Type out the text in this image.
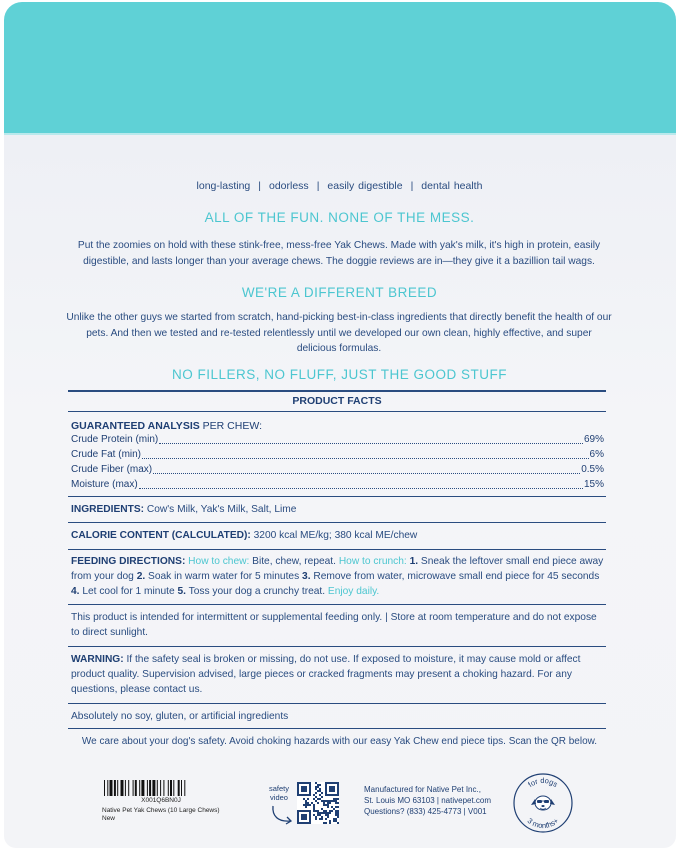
long-lasting | odorless | easily digestible | dental health
ALL OF THE FUN. NONE OF THE MESS.
Put the zoomies on hold with these stink-free, mess-free Yak Chews. Made with yak's milk, it's high in protein, easily digestible, and lasts longer than your average chews. The doggie reviews are in—they give it a bazillion tail wags.
WE'RE A DIFFERENT BREED
Unlike the other guys we started from scratch, hand-picking best-in-class ingredients that directly benefit the health of our pets. And then we tested and re-tested relentlessly until we developed our own clean, highly effective, and super delicious formulas.
NO FILLERS, NO FLUFF, JUST THE GOOD STUFF
PRODUCT FACTS
GUARANTEED ANALYSIS PER CHEW:
Crude Protein (min)	69%
Crude Fat (min)	6%
Crude Fiber (max)	0.5%
Moisture (max)	15%
INGREDIENTS: Cow's Milk, Yak's Milk, Salt, Lime
CALORIE CONTENT (CALCULATED): 3200 kcal ME/kg; 380 kcal ME/chew
FEEDING DIRECTIONS: How to chew: Bite, chew, repeat. How to crunch: 1. Sneak the leftover small end piece away from your dog 2. Soak in warm water for 5 minutes 3. Remove from water, microwave small end piece for 45 seconds 4. Let cool for 1 minute 5. Toss your dog a crunchy treat. Enjoy daily.
This product is intended for intermittent or supplemental feeding only. | Store at room temperature and do not expose to direct sunlight.
WARNING: If the safety seal is broken or missing, do not use. If exposed to moisture, it may cause mold or affect product quality. Supervision advised, large pieces or cracked fragments may present a choking hazard. For any questions, please contact us.
Absolutely no soy, gluten, or artificial ingredients
We care about your dog's safety. Avoid choking hazards with our easy Yak Chew end piece tips. Scan the QR below.
X001Q6BN0J
Native Pet Yak Chews (10 Large Chews)
New
safety
video
Manufactured for Native Pet Inc.,
St. Louis MO 63103 | nativepet.com
Questions? (833) 425-4773 | V001
for dogs
3 months+
